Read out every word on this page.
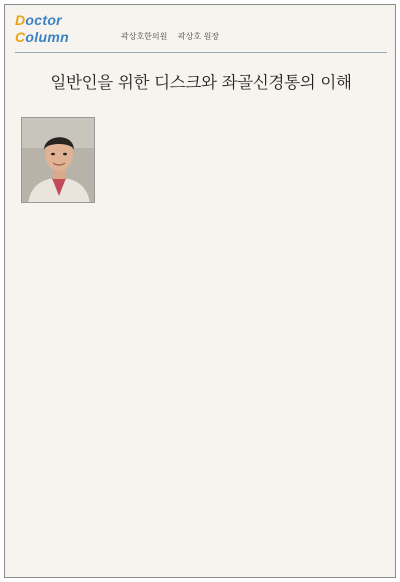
Doctor
Column	곽상호한의원 곽상호 원장
일반인을 위한 디스크와 좌골신경통의 이해
